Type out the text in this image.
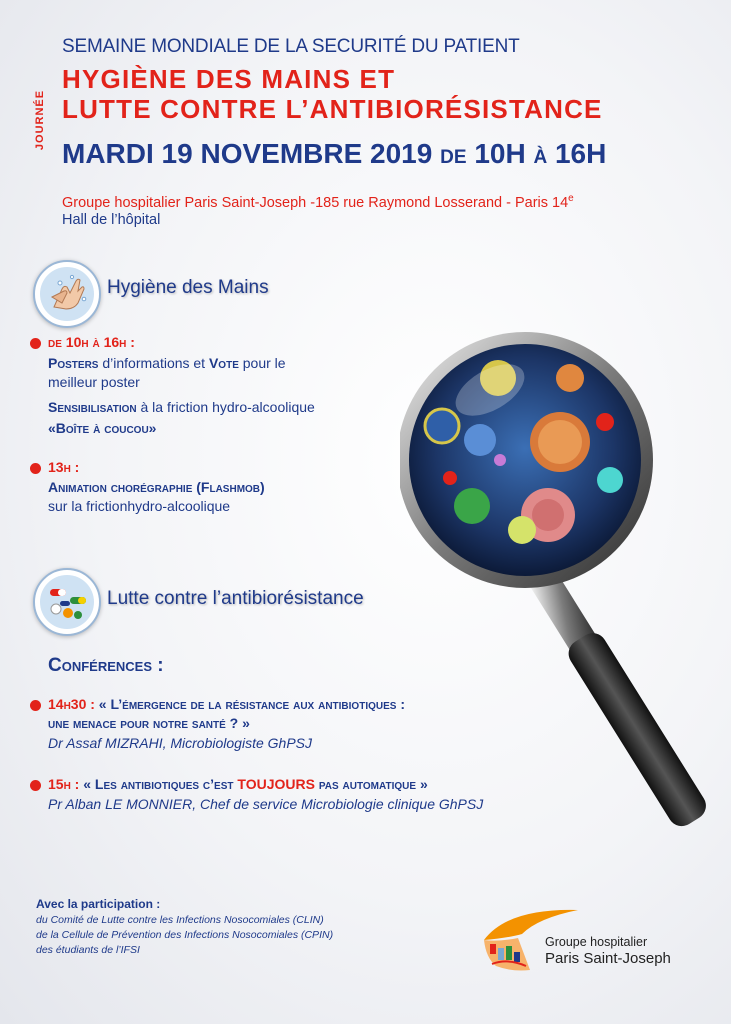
SEMAINE MONDIALE DE LA SECURITÉ DU PATIENT
JOURNÉE
HYGIÈNE DES MAINS ET
LUTTE CONTRE L’ANTIBIORÉSISTANCE
MARDI 19 NOVEMBRE 2019 DE 10H À 16H
Groupe hospitalier Paris Saint-Joseph -185 rue Raymond Losserand - Paris 14e
Hall de l’hôpital
Hygiène des Mains
de 10h à 16h :
Posters d’informations et Vote pour le
meilleur poster
Sensibilisation à la friction hydro-alcoolique
«Boîte à coucou»
13h :
Animation chorégraphie (Flashmob)
sur la frictionhydro-alcoolique
Lutte contre l’antibiorésistance
Conférences :
14h30 : « L’émergence de la résistance aux antibiotiques :
une menace pour notre santé ? »
Dr Assaf MIZRAHI, Microbiologiste GhPSJ
15h : « Les antibiotiques c’est TOUJOURS pas automatique »
Pr Alban LE MONNIER, Chef de service Microbiologie clinique GhPSJ
Avec la participation :
du Comité de Lutte contre les Infections Nosocomiales (CLIN)
de la Cellule de Prévention des Infections Nosocomiales (CPIN)
des étudiants de l’IFSI
Groupe hospitalier
Paris Saint-Joseph
